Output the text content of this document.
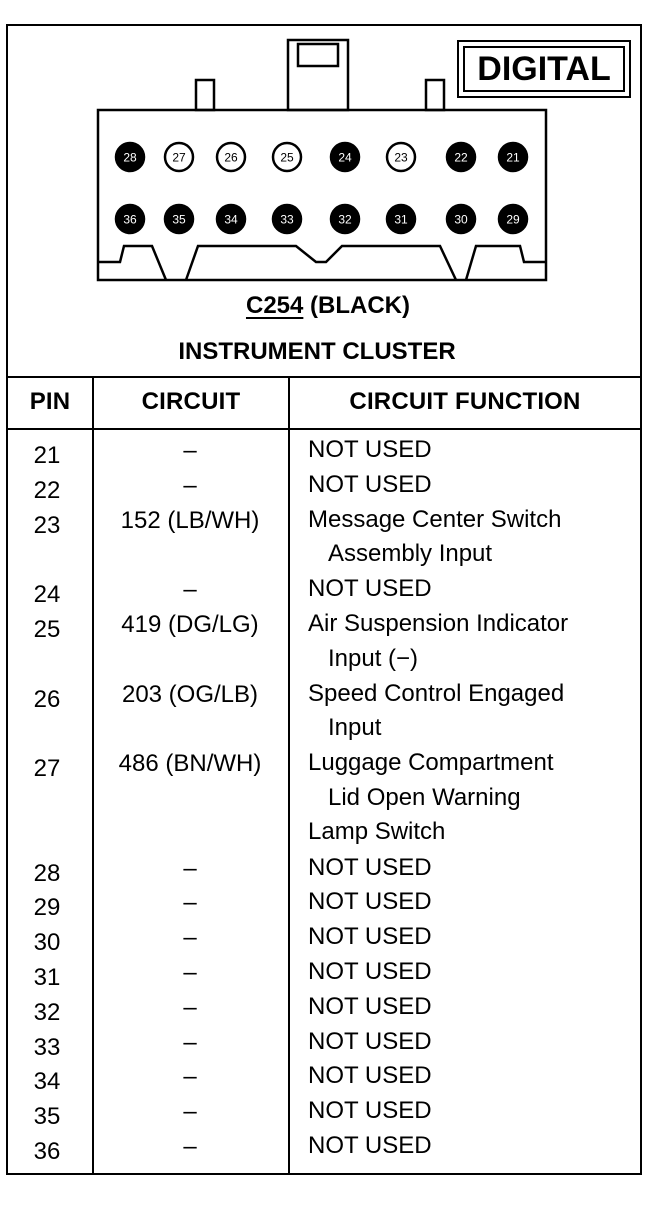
28	27	26	25	24	23	22	21
36	35	34	33	32	31	30	29
DIGITAL
C254 (BLACK)
INSTRUMENT CLUSTER
PIN	CIRCUIT	CIRCUIT FUNCTION
21	–	NOT USED
22	–	NOT USED
23	152 (LB/WH)	Message Center Switch
Assembly Input
24	–	NOT USED
25	419 (DG/LG)	Air Suspension Indicator
Input (−)
26	203 (OG/LB)	Speed Control Engaged
Input
27	486 (BN/WH)	Luggage Compartment
Lid Open Warning
Lamp Switch
28	–	NOT USED
29	–	NOT USED
30	–	NOT USED
31	–	NOT USED
32	–	NOT USED
33	–	NOT USED
34	–	NOT USED
35	–	NOT USED
36	–	NOT USED
